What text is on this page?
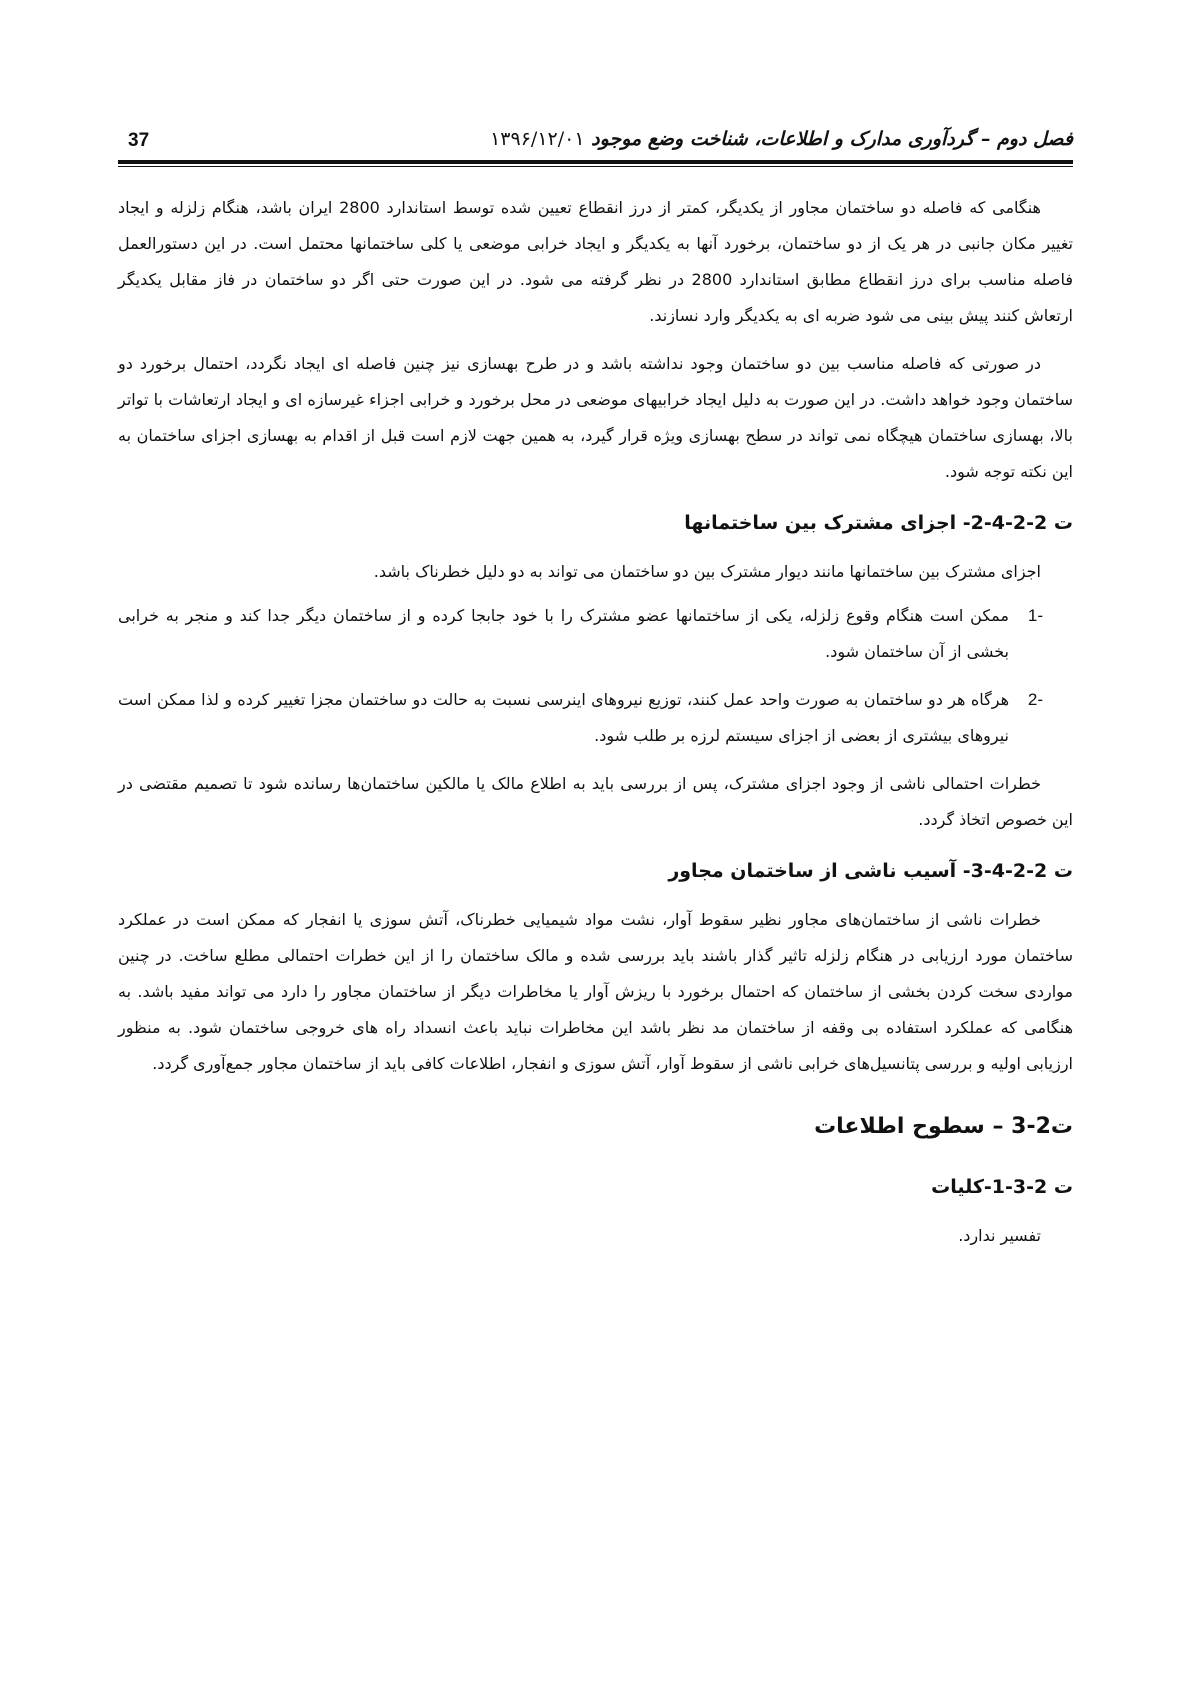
فصل دوم – گردآوری مدارک و اطلاعات، شناخت وضع موجود ۱۳۹۶/۱۲/۰۱
37

هنگامی که فاصله دو ساختمان مجاور از یکدیگر، کمتر از درز انقطاع تعیین شده توسط استاندارد 2800 ایران باشد، هنگام زلزله و ایجاد تغییر مکان جانبی در هر یک از دو ساختمان، برخورد آنها به یکدیگر و ایجاد خرابی موضعی یا کلی ساختمانها محتمل است. در این دستورالعمل فاصله مناسب برای درز انقطاع مطابق استاندارد 2800 در نظر گرفته می شود. در این صورت حتی اگر دو ساختمان در فاز مقابل یکدیگر ارتعاش کنند پیش بینی می شود ضربه ای به یکدیگر وارد نسازند.

در صورتی که فاصله مناسب بین دو ساختمان وجود نداشته باشد و در طرح بهسازی نیز چنین فاصله ای ایجاد نگردد، احتمال برخورد دو ساختمان وجود خواهد داشت. در این صورت به دلیل ایجاد خرابیهای موضعی در محل برخورد و خرابی اجزاء غیرسازه ای و ایجاد ارتعاشات با تواتر بالا، بهسازی ساختمان هیچگاه نمی تواند در سطح بهسازی ویژه قرار گیرد، به همین جهت لازم است قبل از اقدام به بهسازی اجزای ساختمان به این نکته توجه شود.

ت 2-2-4-2- اجزای مشترک بین ساختمانها

اجزای مشترک بین ساختمانها مانند دیوار مشترک بین دو ساختمان می تواند به دو دلیل خطرناک باشد.

-1
ممکن است هنگام وقوع زلزله، یکی از ساختمانها عضو مشترک را با خود جابجا کرده و از ساختمان دیگر جدا کند و منجر به خرابی بخشی از آن ساختمان شود.
-2
هرگاه هر دو ساختمان به صورت واحد عمل کنند، توزیع نیروهای اینرسی نسبت به حالت دو ساختمان مجزا تغییر کرده و لذا ممکن است نیروهای بیشتری از بعضی از اجزای سیستم لرزه بر طلب شود.

خطرات احتمالی ناشی از وجود اجزای مشترک، پس از بررسی باید به اطلاع مالک یا مالکین ساختمان‌ها رسانده شود تا تصمیم مقتضی در این خصوص اتخاذ گردد.

ت 2-2-4-3- آسیب ناشی از ساختمان مجاور

خطرات ناشی از ساختمان‌های مجاور نظیر سقوط آوار، نشت مواد شیمیایی خطرناک، آتش سوزی یا انفجار که ممکن است در عملکرد ساختمان مورد ارزیابی در هنگام زلزله تاثیر گذار باشند باید بررسی شده و مالک ساختمان را از این خطرات احتمالی مطلع ساخت. در چنین مواردی سخت کردن بخشی از ساختمان که احتمال برخورد با ریزش آوار یا مخاطرات دیگر از ساختمان مجاور را دارد می تواند مفید باشد. به هنگامی که عملکرد استفاده بی وقفه از ساختمان مد نظر باشد این مخاطرات نباید باعث انسداد راه های خروجی ساختمان شود. به منظور ارزیابی اولیه و بررسی پتانسیل‌های خرابی ناشی از سقوط آوار، آتش سوزی و انفجار، اطلاعات کافی باید از ساختمان مجاور جمع‌آوری گردد.

ت2-3 – سطوح اطلاعات
ت 2-3-1-کلیات

تفسیر ندارد.
